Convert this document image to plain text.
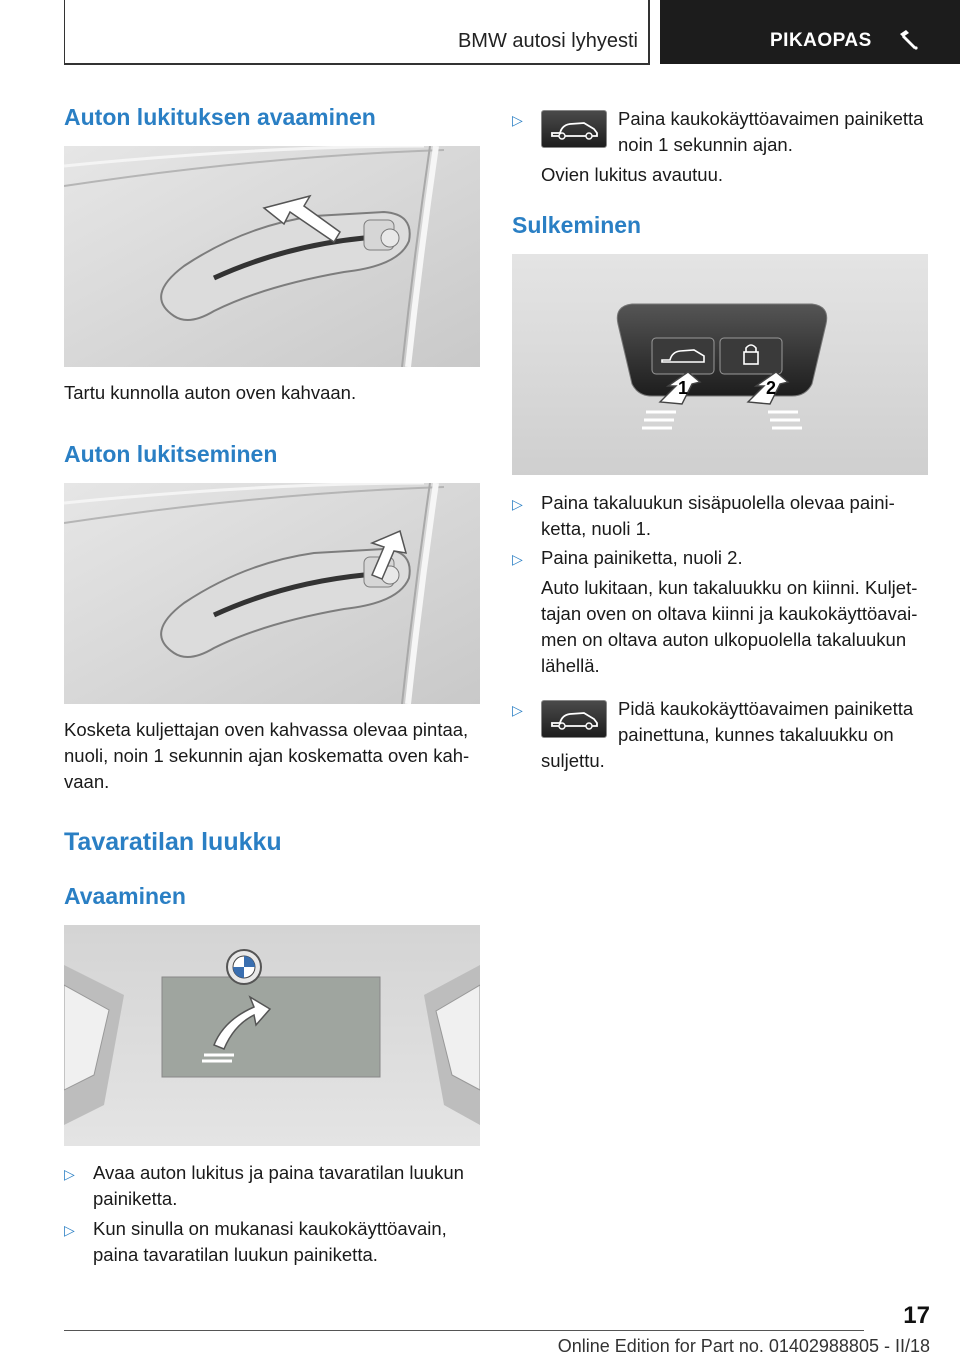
BMW autosi lyhyesti	PIKAOPAS
Auton lukituksen avaaminen

Tartu kunnolla auton oven kahvaan.

Auton lukitseminen

Kosketa kuljettajan oven kahvassa olevaa pintaa,
nuoli, noin 1 sekunnin ajan koskematta oven kah-
vaan.

Tavaratilan luukku
Avaaminen
▷ Avaa auton lukitus ja paina tavaratilan luukun
painiketta.
▷ Kun sinulla on mukanasi kaukokäyttöavain,
paina tavaratilan luukun painiketta.
▷	Paina kaukokäyttöavaimen painiketta
noin 1 sekunnin ajan.

Ovien lukitus avautuu.

Sulkeminen
1	2
▷ Paina takaluukun sisäpuolella olevaa paini-
ketta, nuoli 1.
▷ Paina painiketta, nuoli 2.

Auto lukitaan, kun takaluukku on kiinni. Kuljet-
tajan oven on oltava kiinni ja kaukokäyttöavai-
men on oltava auton ulkopuolella takaluukun
lähellä.

▷	Pidä kaukokäyttöavaimen painiketta
painettuna, kunnes takaluukku on

suljettu.

17
Online Edition for Part no. 01402988805 - II/18
